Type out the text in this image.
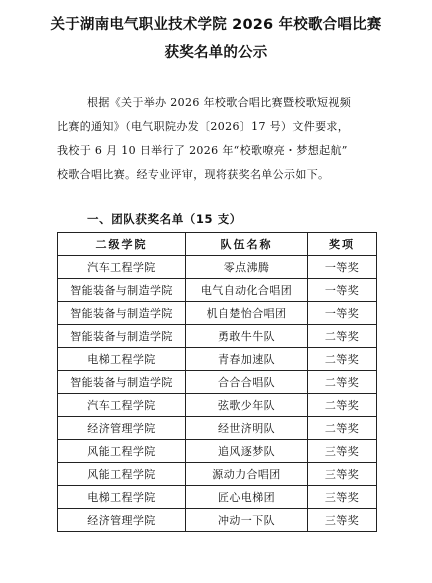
关于湖南电气职业技术学院 2026 年校歌合唱比赛
获奖名单的公示
根据《关于举办 2026 年校歌合唱比赛暨校歌短视频
比赛的通知》（电气职院办发〔2026〕17 号）文件要求，
我校于 6 月 10 日举行了 2026 年“校歌嘹亮・梦想起航”
校歌合唱比赛。经专业评审，现将获奖名单公示如下。
一、团队获奖名单（15 支）
二级学院	队伍名称	奖项
汽车工程学院	零点沸腾	一等奖
智能装备与制造学院	电气自动化合唱团	一等奖
智能装备与制造学院	机自楚怡合唱团	一等奖
智能装备与制造学院	勇敢牛牛队	二等奖
电梯工程学院	青春加速队	二等奖
智能装备与制造学院	合合合唱队	二等奖
汽车工程学院	弦歌少年队	二等奖
经济管理学院	经世济明队	二等奖
风能工程学院	追风逐梦队	三等奖
风能工程学院	源动力合唱团	三等奖
电梯工程学院	匠心电梯团	三等奖
经济管理学院	冲动一下队	三等奖
